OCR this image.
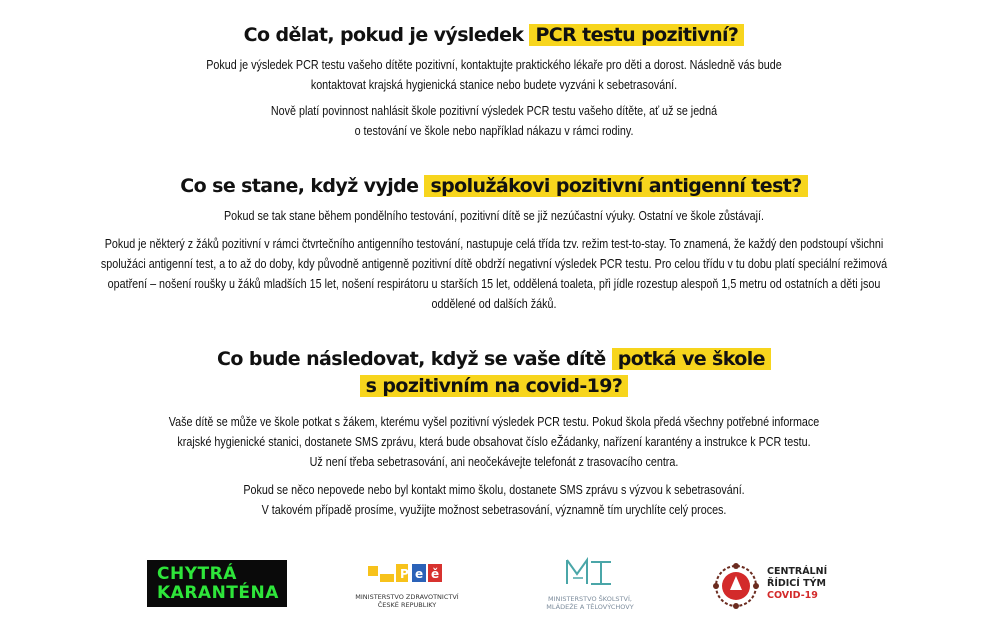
Co dělat, pokud je výsledek PCR testu pozitivní?

Pokud je výsledek PCR testu vašeho dítěte pozitivní, kontaktujte praktického lékaře pro děti a dorost. Následně vás bude

kontaktovat krajská hygienická stanice nebo budete vyzváni k sebetrasování.

Nově platí povinnost nahlásit škole pozitivní výsledek PCR testu vašeho dítěte, ať už se jedná

o testování ve škole nebo například nákazu v rámci rodiny.

Co se stane, když vyjde spolužákovi pozitivní antigenní test?

Pokud se tak stane během pondělního testování, pozitivní dítě se již nezúčastní výuky. Ostatní ve škole zůstávají.

Pokud je některý z žáků pozitivní v rámci čtvrtečního antigenního testování, nastupuje celá třída tzv. režim test-to-stay. To znamená, že každý den podstoupí všichni

spolužáci antigenní test, a to až do doby, kdy původně antigenně pozitivní dítě obdrží negativní výsledek PCR testu. Pro celou třídu v tu dobu platí speciální režimová

opatření – nošení roušky u žáků mladších 15 let, nošení respirátoru u starších 15 let, oddělená toaleta, při jídle rozestup alespoň 1,5 metru od ostatních a děti jsou

oddělené od dalších žáků.

Co bude následovat, když se vaše dítě potká ve škole
s pozitivním na covid-19?

Vaše dítě se může ve škole potkat s žákem, kterému vyšel pozitivní výsledek PCR testu. Pokud škola předá všechny potřebné informace

krajské hygienické stanici, dostanete SMS zprávu, která bude obsahovat číslo eŽádanky, nařízení karantény a instrukce k PCR testu.

Už není třeba sebetrasování, ani neočekávejte telefonát z trasovacího centra.

Pokud se něco nepovede nebo byl kontakt mimo školu, dostanete SMS zprávu s výzvou k sebetrasování.

V takovém případě prosíme, využijte možnost sebetrasování, významně tím urychlíte celý proces.

CHYTRÁ
KARANTÉNA
P e ě
MINISTERSTVO ZDRAVOTNICTVÍ
ČESKÉ REPUBLIKY
MINISTERSTVO ŠKOLSTVÍ,
MLÁDEŽE A TĚLOVÝCHOVY
CENTRÁLNÍ
ŘÍDICÍ TÝM
COVID-19
